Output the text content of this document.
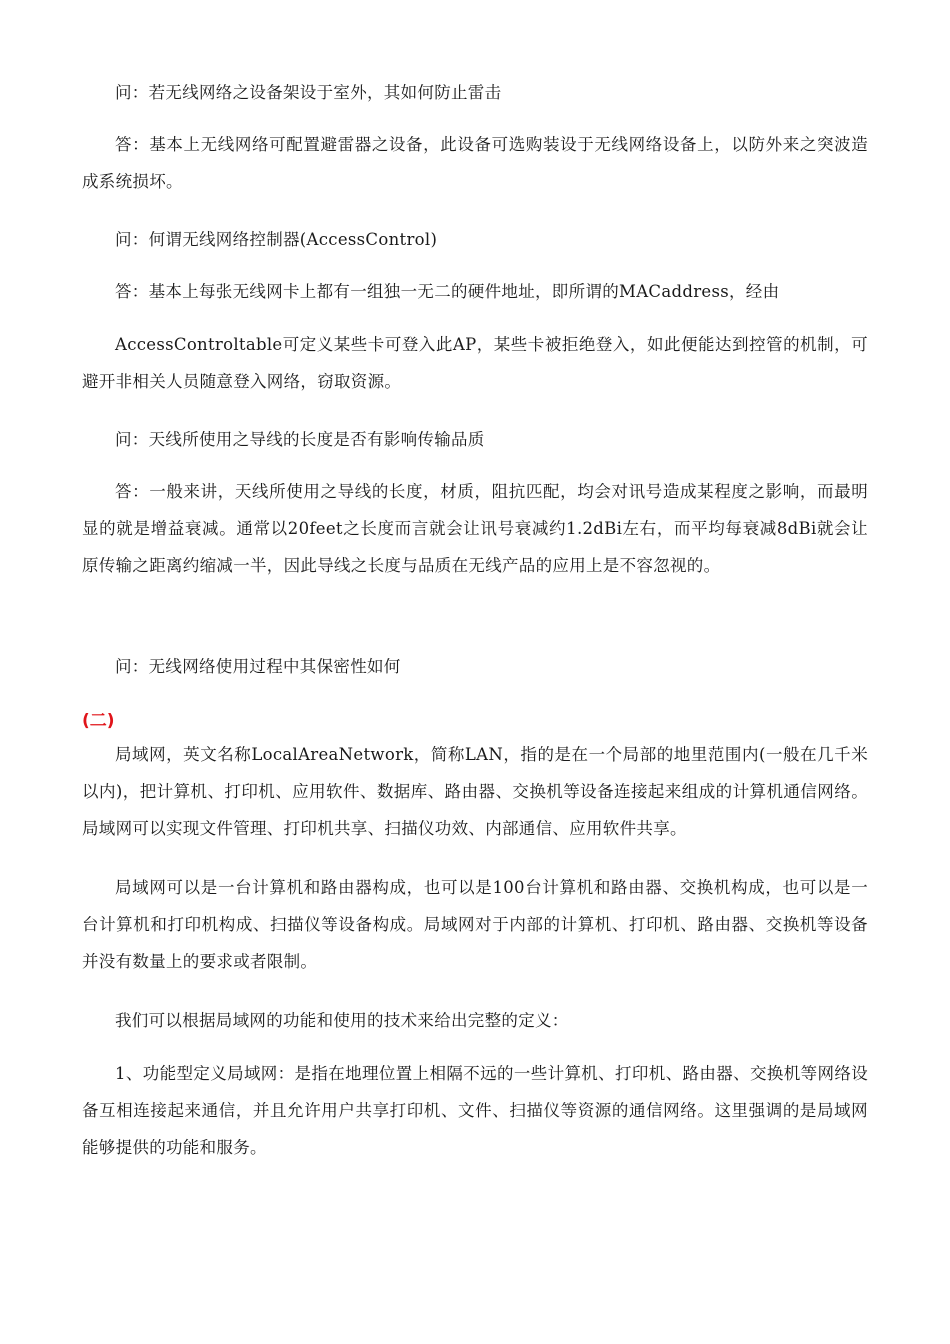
问：若无线网络之设备架设于室外，其如何防止雷击

答：基本上无线网络可配置避雷器之设备，此设备可选购装设于无线网络设备上，以防外来之突波造成系统损坏。

问：何谓无线网络控制器(AccessControl)

答：基本上每张无线网卡上都有一组独一无二的硬件地址，即所谓的MACaddress，经由

AccessControltable可定义某些卡可登入此AP，某些卡被拒绝登入，如此便能达到控管的机制，可避开非相关人员随意登入网络，窃取资源。

问：天线所使用之导线的长度是否有影响传输品质

答：一般来讲，天线所使用之导线的长度，材质，阻抗匹配，均会对讯号造成某程度之影响，而最明显的就是增益衰减。通常以20feet之长度而言就会让讯号衰减约1.2dBi左右，而平均每衰减8dBi就会让原传输之距离约缩减一半，因此导线之长度与品质在无线产品的应用上是不容忽视的。

问：无线网络使用过程中其保密性如何

(二)

局域网，英文名称LocalAreaNetwork，简称LAN，指的是在一个局部的地里范围内(一般在几千米以内)，把计算机、打印机、应用软件、数据库、路由器、交换机等设备连接起来组成的计算机通信网络。局域网可以实现文件管理、打印机共享、扫描仪功效、内部通信、应用软件共享。

局域网可以是一台计算机和路由器构成，也可以是100台计算机和路由器、交换机构成，也可以是一台计算机和打印机构成、扫描仪等设备构成。局域网对于内部的计算机、打印机、路由器、交换机等设备并没有数量上的要求或者限制。

我们可以根据局域网的功能和使用的技术来给出完整的定义：

1、功能型定义局域网：是指在地理位置上相隔不远的一些计算机、打印机、路由器、交换机等网络设备互相连接起来通信，并且允许用户共享打印机、文件、扫描仪等资源的通信网络。这里强调的是局域网能够提供的功能和服务。
